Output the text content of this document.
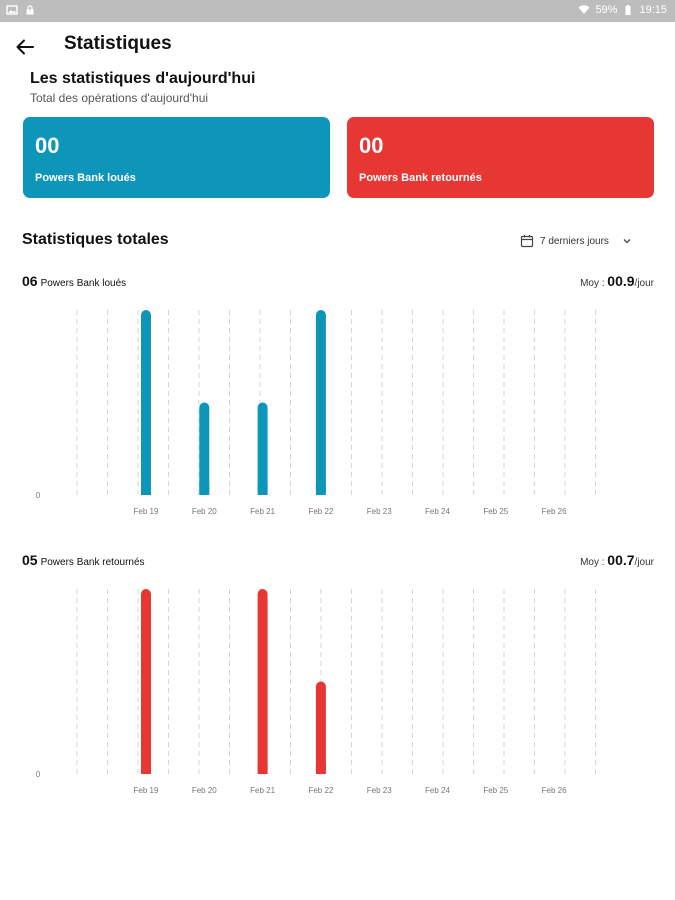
59% 19:15
Statistiques
Les statistiques d'aujourd'hui
Total des opérations d'aujourd'hui
00
Powers Bank loués
00
Powers Bank retournés
Statistiques totales	7 derniers jours
06 Powers Bank loués	Moy : 00.9/jour
0
Feb 19	Feb 20	Feb 21	Feb 22	Feb 23	Feb 24	Feb 25	Feb 26
05 Powers Bank retournés	Moy : 00.7/jour
0
Feb 19	Feb 20	Feb 21	Feb 22	Feb 23	Feb 24	Feb 25	Feb 26
